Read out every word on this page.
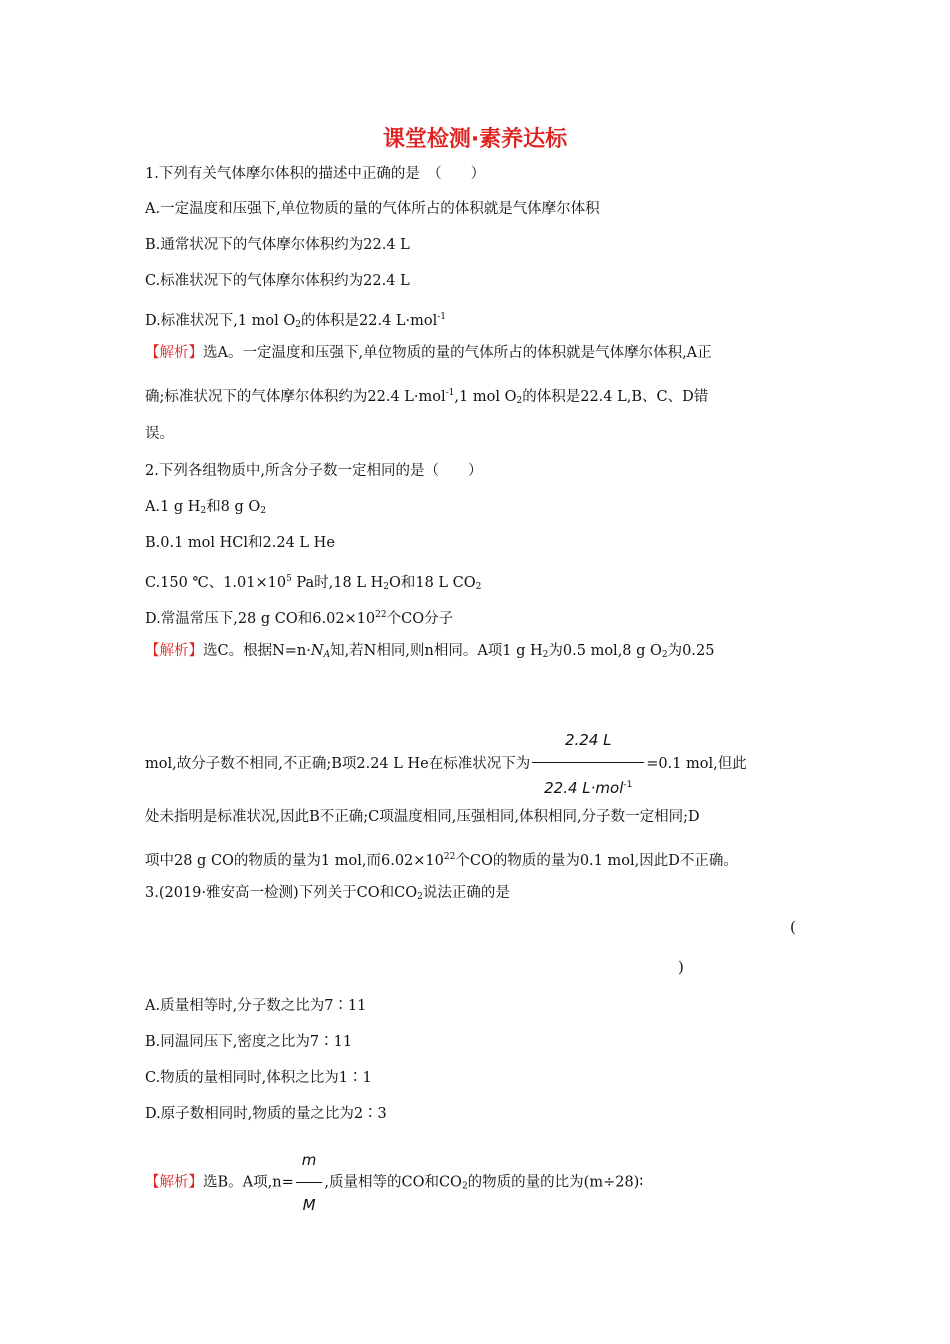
课堂检测·素养达标
1.下列有关气体摩尔体积的描述中正确的是　（　　）
A.一定温度和压强下,单位物质的量的气体所占的体积就是气体摩尔体积
B.通常状况下的气体摩尔体积约为22.4 L
C.标准状况下的气体摩尔体积约为22.4 L
D.标准状况下,1 mol $O_2$的体积是22.4 L·mol$^{-1}$
【解析】选A。一定温度和压强下,单位物质的量的气体所占的体积就是气体摩尔体积,A正
确;标准状况下的气体摩尔体积约为22.4 L·mol$^{-1}$,1 mol $O_2$的体积是22.4 L,B、C、D错
误。
2.下列各组物质中,所含分子数一定相同的是（　　）
A.1 g $H_2$和8 g $O_2$
B.0.1 mol HCl和2.24 L He
C.150 ℃、$1.01\times 10^5$ Pa时,18 L $H_2O$和18 L $CO_2$
D.常温常压下,28 g CO和$6.02\times 10^{22}$个CO分子
【解析】选C。根据$N=n\cdot N_A$知,若N相同,则n相同。A项1 g $H_2$为0.5 mol,8 g $O_2$为0.25
mol,故分子数不相同,不正确;B项2.24 L He在标准状况下为 $\frac{2.24 L}{22.4 L\cdot mol^{-1}} =0.1$ mol,但此
处未指明是标准状况,因此B不正确;C项温度相同,压强相同,体积相同,分子数一定相同;D
项中28 g CO的物质的量为1 mol,而$6.02\times 10^{22}$个CO的物质的量为0.1 mol,因此D不正确。
3.(2019·雅安高一检测)下列关于CO和$CO_2$说法正确的是
(
)
A.质量相等时,分子数之比为7∶11
B.同温同压下,密度之比为7∶11
C.物质的量相同时,体积之比为1∶1
D.原子数相同时,物质的量之比为2∶3
【解析】选B。A项$,n= \frac{m}{M}$ ,质量相等的CO和$CO_2$的物质的量的比为(m÷28)∶
